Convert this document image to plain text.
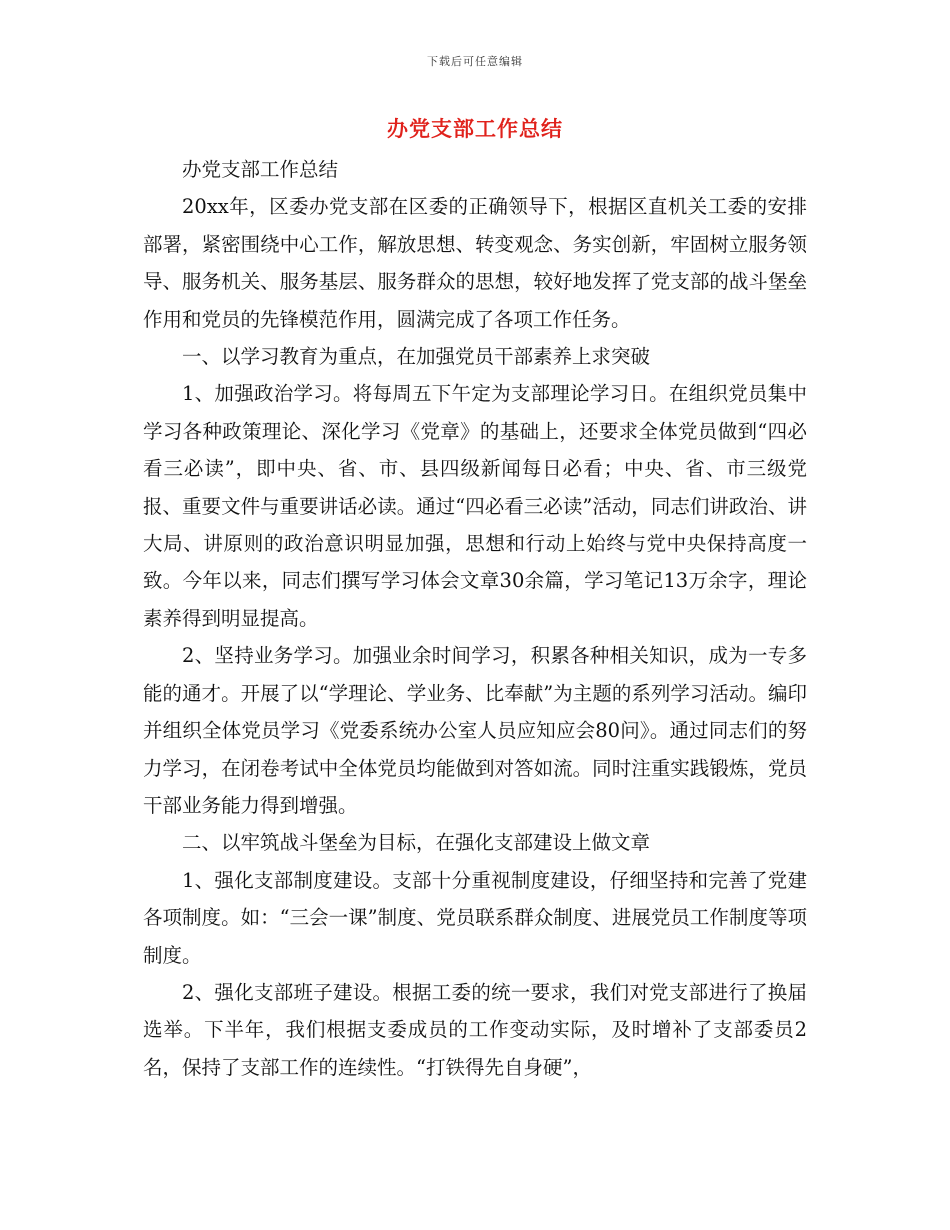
下载后可任意编辑
办党支部工作总结

办党支部工作总结

20xx年，区委办党支部在区委的正确领导下，根据区直机关工委的安排部署，紧密围绕中心工作，解放思想、转变观念、务实创新，牢固树立服务领导、服务机关、服务基层、服务群众的思想，较好地发挥了党支部的战斗堡垒作用和党员的先锋模范作用，圆满完成了各项工作任务。

一、以学习教育为重点，在加强党员干部素养上求突破

1、加强政治学习。将每周五下午定为支部理论学习日。在组织党员集中学习各种政策理论、深化学习《党章》的基础上，还要求全体党员做到“四必看三必读”，即中央、省、市、县四级新闻每日必看；中央、省、市三级党报、重要文件与重要讲话必读。通过“四必看三必读”活动，同志们讲政治、讲大局、讲原则的政治意识明显加强，思想和行动上始终与党中央保持高度一致。今年以来，同志们撰写学习体会文章30余篇，学习笔记13万余字，理论素养得到明显提高。

2、坚持业务学习。加强业余时间学习，积累各种相关知识，成为一专多能的通才。开展了以“学理论、学业务、比奉献”为主题的系列学习活动。编印并组织全体党员学习《党委系统办公室人员应知应会80问》。通过同志们的努力学习，在闭卷考试中全体党员均能做到对答如流。同时注重实践锻炼，党员干部业务能力得到增强。

二、以牢筑战斗堡垒为目标，在强化支部建设上做文章

1、强化支部制度建设。支部十分重视制度建设，仔细坚持和完善了党建各项制度。如：“三会一课”制度、党员联系群众制度、进展党员工作制度等项制度。

2、强化支部班子建设。根据工委的统一要求，我们对党支部进行了换届选举。下半年，我们根据支委成员的工作变动实际，及时增补了支部委员2名，保持了支部工作的连续性。“打铁得先自身硬”，
